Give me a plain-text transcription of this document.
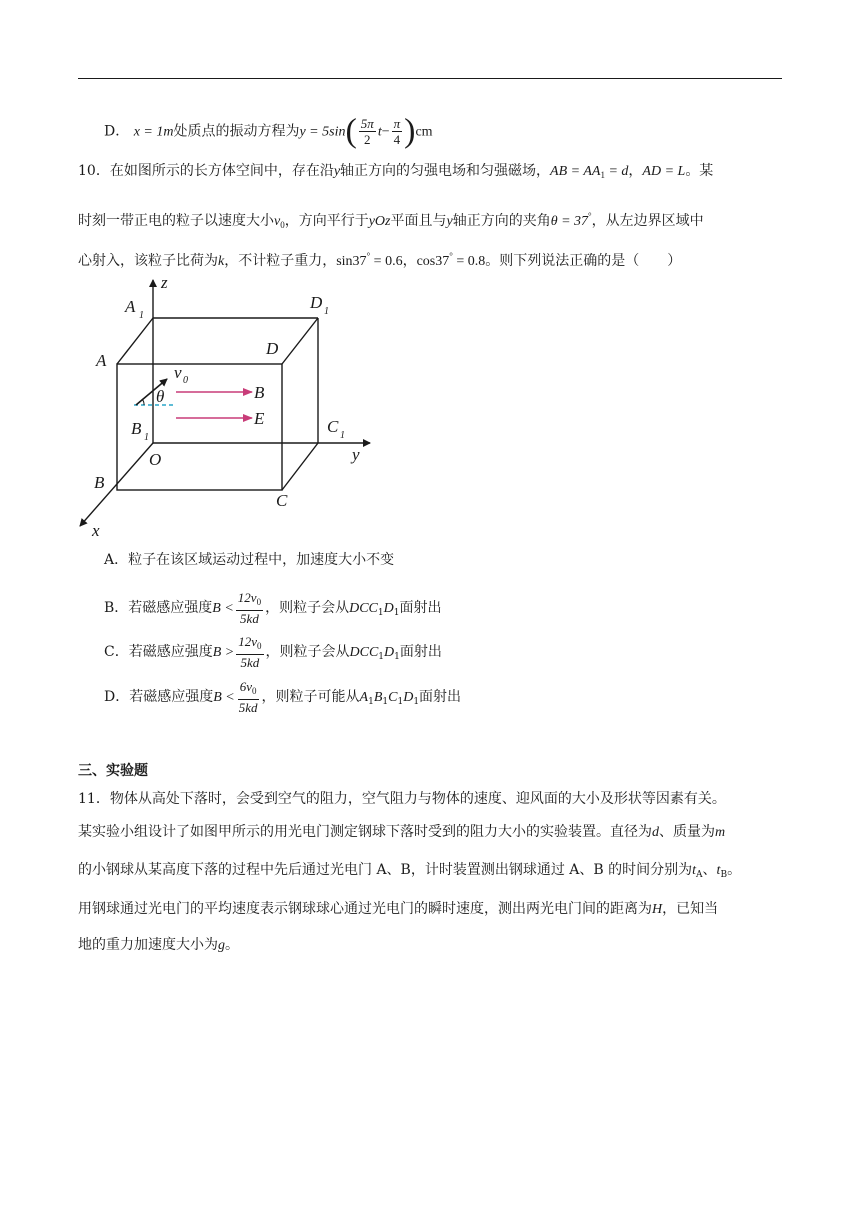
D． x = 1m处质点的振动方程为$y = 5\sin( \frac{5\pi}{2} t- \frac{\pi}{4} )cm$
10．在如图所示的长方体空间中，存在沿y轴正方向的匀强电场和匀强磁场，AB = $AA_1 = d$，AD = L。某
时刻一带正电的粒子以速度大小$v_0$，方向平行于yOz平面且与y轴正方向的夹角θ = 37°，从左边界区域中
心射入，该粒子比荷为k，不计粒子重力，sin37° = 0.6，cos37° = 0.8。则下列说法正确的是（　　）
z
y
x
A 1
D 1
A
D
B 1
C 1
B
C
O
v 0
θ	B
E
A．粒子在该区域运动过程中，加速度大小不变
B．若磁感应强度$B < \frac{12v_0}{5kd}$ ，则粒子会从$DCC_1D_1$面射出
C．若磁感应强度$B > \frac{12v_0}{5kd}$ ，则粒子会从$DCC_1D_1$面射出
D．若磁感应强度$B < \frac{6v_0}{5kd}$ ，则粒子可能从$A_1B_1C_1D_1$面射出
三、实验题
11．物体从高处下落时，会受到空气的阻力，空气阻力与物体的速度、迎风面的大小及形状等因素有关。
某实验小组设计了如图甲所示的用光电门测定钢球下落时受到的阻力大小的实验装置。直径为d、质量为m
的小钢球从某高度下落的过程中先后通过光电门 A、B，计时装置测出钢球通过 A、B 的时间分别为$t_A$、$t_B$。
用钢球通过光电门的平均速度表示钢球球心通过光电门的瞬时速度，测出两光电门间的距离为H，已知当
地的重力加速度大小为g。
